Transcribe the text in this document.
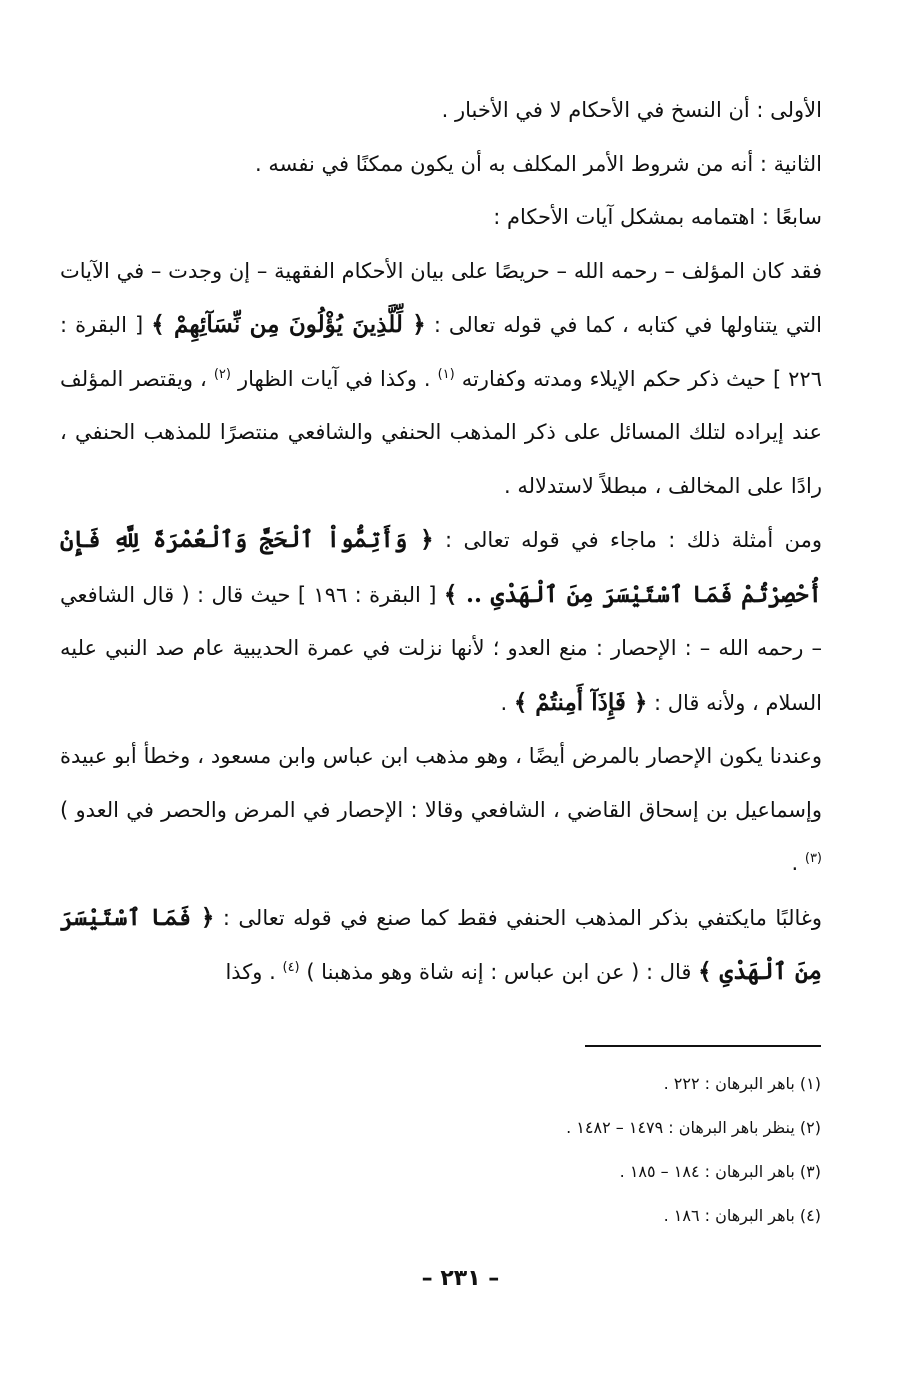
الأولى : أن النسخ في الأحكام لا في الأخبار .

الثانية : أنه من شروط الأمر المكلف به أن يكون ممكنًا في نفسه .

سابعًا : اهتمامه بمشكل آيات الأحكام :

فقد كان المؤلف – رحمه الله – حريصًا على بيان الأحكام الفقهية – إن وجدت – في الآيات التي يتناولها في كتابه ، كما في قوله تعالى : ﴿ لِّلَّذِينَ يُؤْلُونَ مِن نِّسَآئِهِمْ ﴾ [ البقرة : ٢٢٦ ] حيث ذكر حكم الإيلاء ومدته وكفارته $^{(١)}$ . وكذا في آيات الظهار $^{(٢)}$ ، ويقتصر المؤلف عند إيراده لتلك المسائل على ذكر المذهب الحنفي والشافعي منتصرًا للمذهب الحنفي ، رادًا على المخالف ، مبطلاً لاستدلاله .

ومن أمثلة ذلك : ماجاء في قوله تعالى : ﴿ وَأَتِمُّواْ ٱلْحَجَّ وَٱلْعُمْرَةَ لِلَّهِ فَإِنْ أُحْصِرْتُمْ فَمَا ٱسْتَيْسَرَ مِنَ ٱلْهَدْىِ .. ﴾ [ البقرة : ١٩٦ ] حيث قال : ( قال الشافعي – رحمه الله – : الإحصار : منع العدو ؛ لأنها نزلت في عمرة الحديبية عام صد النبي عليه السلام ، ولأنه قال : ﴿ فَإِذَآ أَمِنتُمْ ﴾ .

وعندنا يكون الإحصار بالمرض أيضًا ، وهو مذهب ابن عباس وابن مسعود ، وخطأ أبو عبيدة وإسماعيل بن إسحاق القاضي ، الشافعي وقالا : الإحصار في المرض والحصر في العدو ) $^{(٣)}$ .

وغالبًا مايكتفي بذكر المذهب الحنفي فقط كما صنع في قوله تعالى : ﴿ فَمَا ٱسْتَيْسَرَ مِنَ ٱلْهَدْىِ ﴾ قال : ( عن ابن عباس : إنه شاة وهو مذهبنا ) $^{(٤)}$ . وكذا

(١) باهر البرهان : ٢٢٢ .
(٢) ينظر باهر البرهان : ١٤٧٩ – ١٤٨٢ .
(٣) باهر البرهان : ١٨٤ – ١٨٥ .
(٤) باهر البرهان : ١٨٦ .
– ٢٣١ –
